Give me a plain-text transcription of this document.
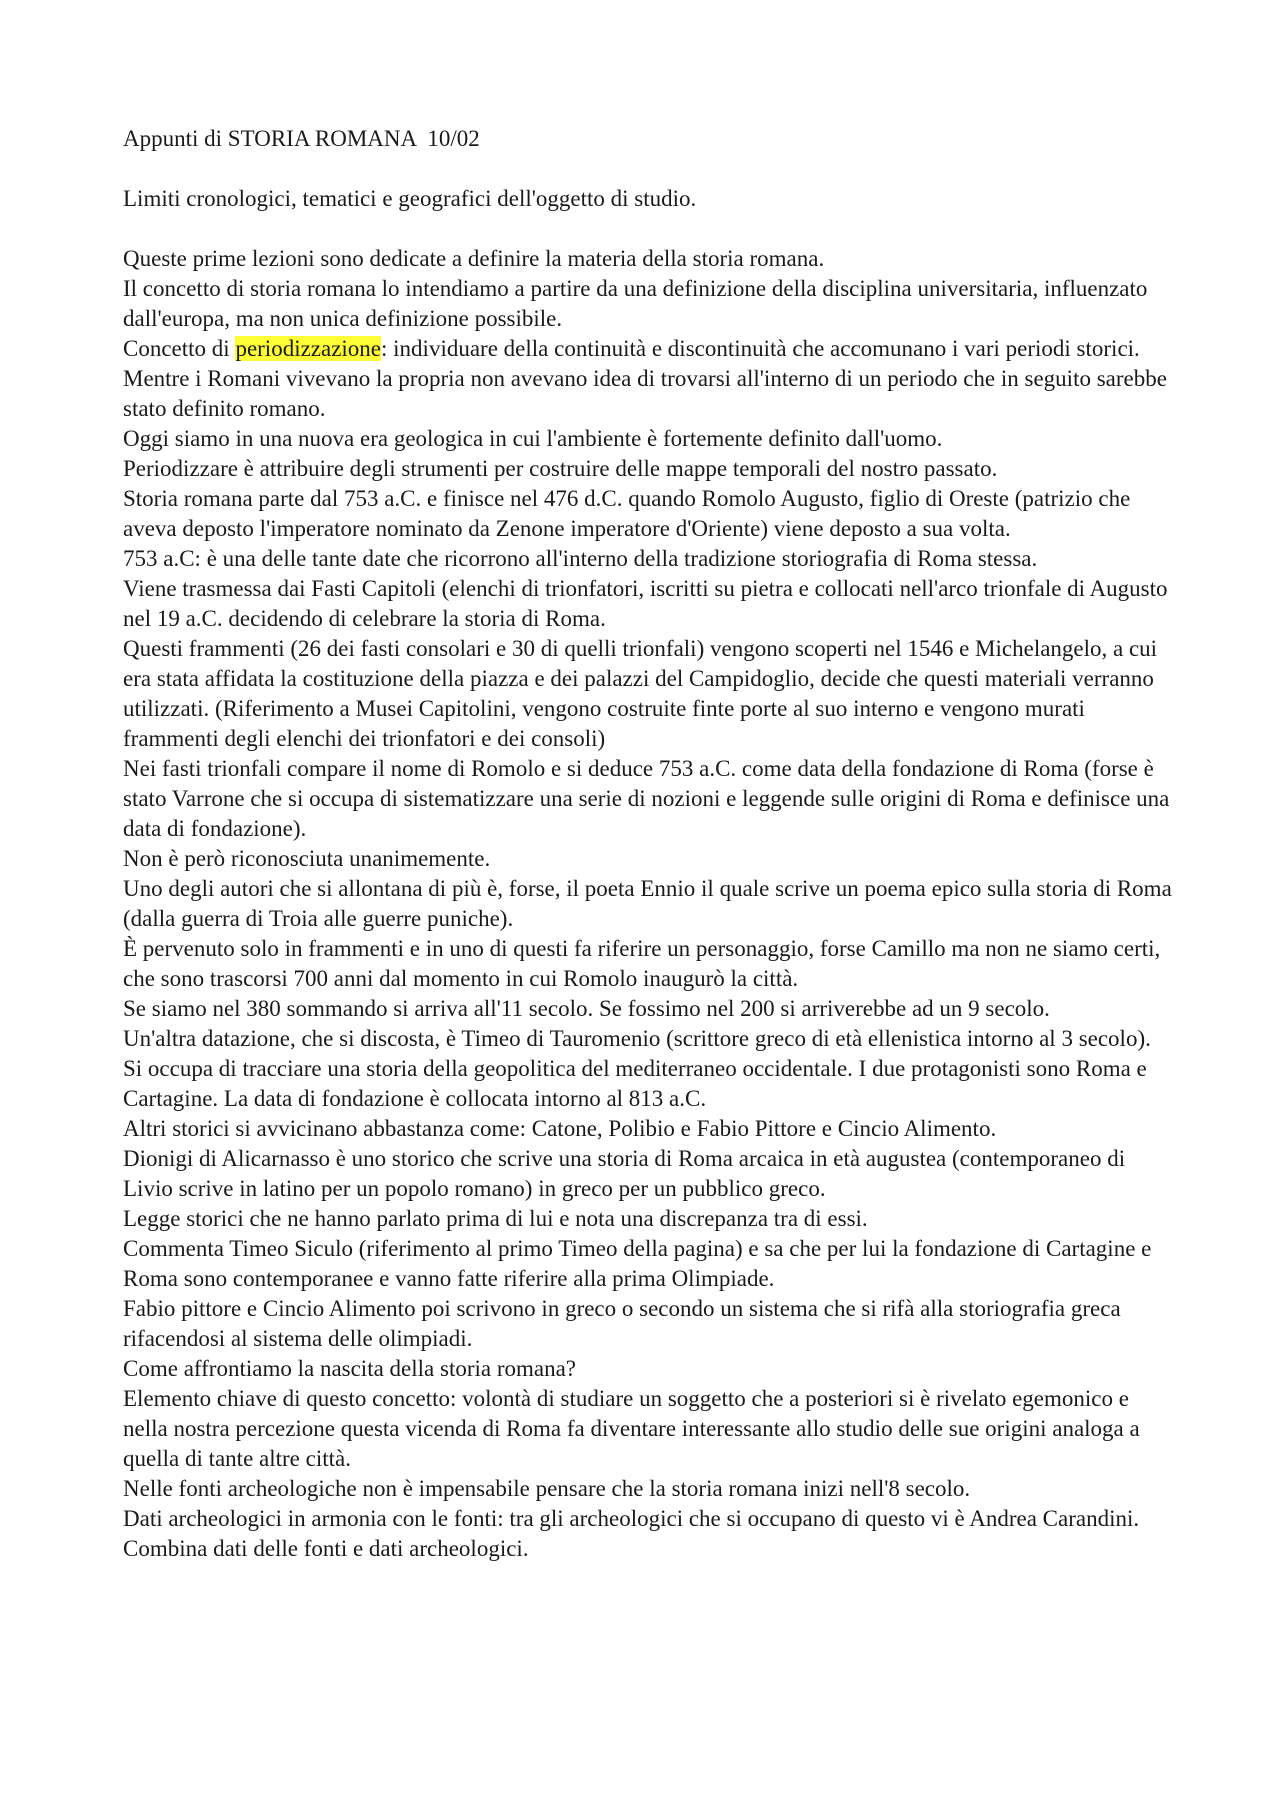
Appunti di STORIA ROMANA  10/02
Limiti cronologici, tematici e geografici dell'oggetto di studio.

Queste prime lezioni sono dedicate a definire la materia della storia romana.

Il concetto di storia romana lo intendiamo a partire da una definizione della disciplina universitaria, influenzato dall'europa, ma non unica definizione possibile.

Concetto di periodizzazione: individuare della continuità e discontinuità che accomunano i vari periodi storici.

Mentre i Romani vivevano la propria non avevano idea di trovarsi all'interno di un periodo che in seguito sarebbe stato definito romano.

Oggi siamo in una nuova era geologica in cui l'ambiente è fortemente definito dall'uomo.

Periodizzare è attribuire degli strumenti per costruire delle mappe temporali del nostro passato.

Storia romana parte dal 753 a.C. e finisce nel 476 d.C. quando Romolo Augusto, figlio di Oreste (patrizio che aveva deposto l'imperatore nominato da Zenone imperatore d'Oriente) viene deposto a sua volta.

753 a.C: è una delle tante date che ricorrono all'interno della tradizione storiografia di Roma stessa.

Viene trasmessa dai Fasti Capitoli (elenchi di trionfatori, iscritti su pietra e collocati nell'arco trionfale di Augusto nel 19 a.C. decidendo di celebrare la storia di Roma.

Questi frammenti (26 dei fasti consolari e 30 di quelli trionfali) vengono scoperti nel 1546 e Michelangelo, a cui era stata affidata la costituzione della piazza e dei palazzi del Campidoglio, decide che questi materiali verranno utilizzati. (Riferimento a Musei Capitolini, vengono costruite finte porte al suo interno e vengono murati frammenti degli elenchi dei trionfatori e dei consoli)

Nei fasti trionfali compare il nome di Romolo e si deduce 753 a.C. come data della fondazione di Roma (forse è stato Varrone che si occupa di sistematizzare una serie di nozioni e leggende sulle origini di Roma e definisce una data di fondazione).

Non è però riconosciuta unanimemente.

Uno degli autori che si allontana di più è, forse, il poeta Ennio il quale scrive un poema epico sulla storia di Roma (dalla guerra di Troia alle guerre puniche).

È pervenuto solo in frammenti e in uno di questi fa riferire un personaggio, forse Camillo ma non ne siamo certi, che sono trascorsi 700 anni dal momento in cui Romolo inaugurò la città.

Se siamo nel 380 sommando si arriva all'11 secolo. Se fossimo nel 200 si arriverebbe ad un 9 secolo.

Un'altra datazione, che si discosta, è Timeo di Tauromenio (scrittore greco di età ellenistica intorno al 3 secolo).

Si occupa di tracciare una storia della geopolitica del mediterraneo occidentale. I due protagonisti sono Roma e Cartagine. La data di fondazione è collocata intorno al 813 a.C.

Altri storici si avvicinano abbastanza come: Catone, Polibio e Fabio Pittore e Cincio Alimento.

Dionigi di Alicarnasso è uno storico che scrive una storia di Roma arcaica in età augustea (contemporaneo di Livio scrive in latino per un popolo romano) in greco per un pubblico greco.

Legge storici che ne hanno parlato prima di lui e nota una discrepanza tra di essi.

Commenta Timeo Siculo (riferimento al primo Timeo della pagina) e sa che per lui la fondazione di Cartagine e Roma sono contemporanee e vanno fatte riferire alla prima Olimpiade.

Fabio pittore e Cincio Alimento poi scrivono in greco o secondo un sistema che si rifà alla storiografia greca rifacendosi al sistema delle olimpiadi.

Come affrontiamo la nascita della storia romana?

Elemento chiave di questo concetto: volontà di studiare un soggetto che a posteriori si è rivelato egemonico e nella nostra percezione questa vicenda di Roma fa diventare interessante allo studio delle sue origini analoga a quella di tante altre città.

Nelle fonti archeologiche non è impensabile pensare che la storia romana inizi nell'8 secolo.

Dati archeologici in armonia con le fonti: tra gli archeologici che si occupano di questo vi è Andrea Carandini. Combina dati delle fonti e dati archeologici.
